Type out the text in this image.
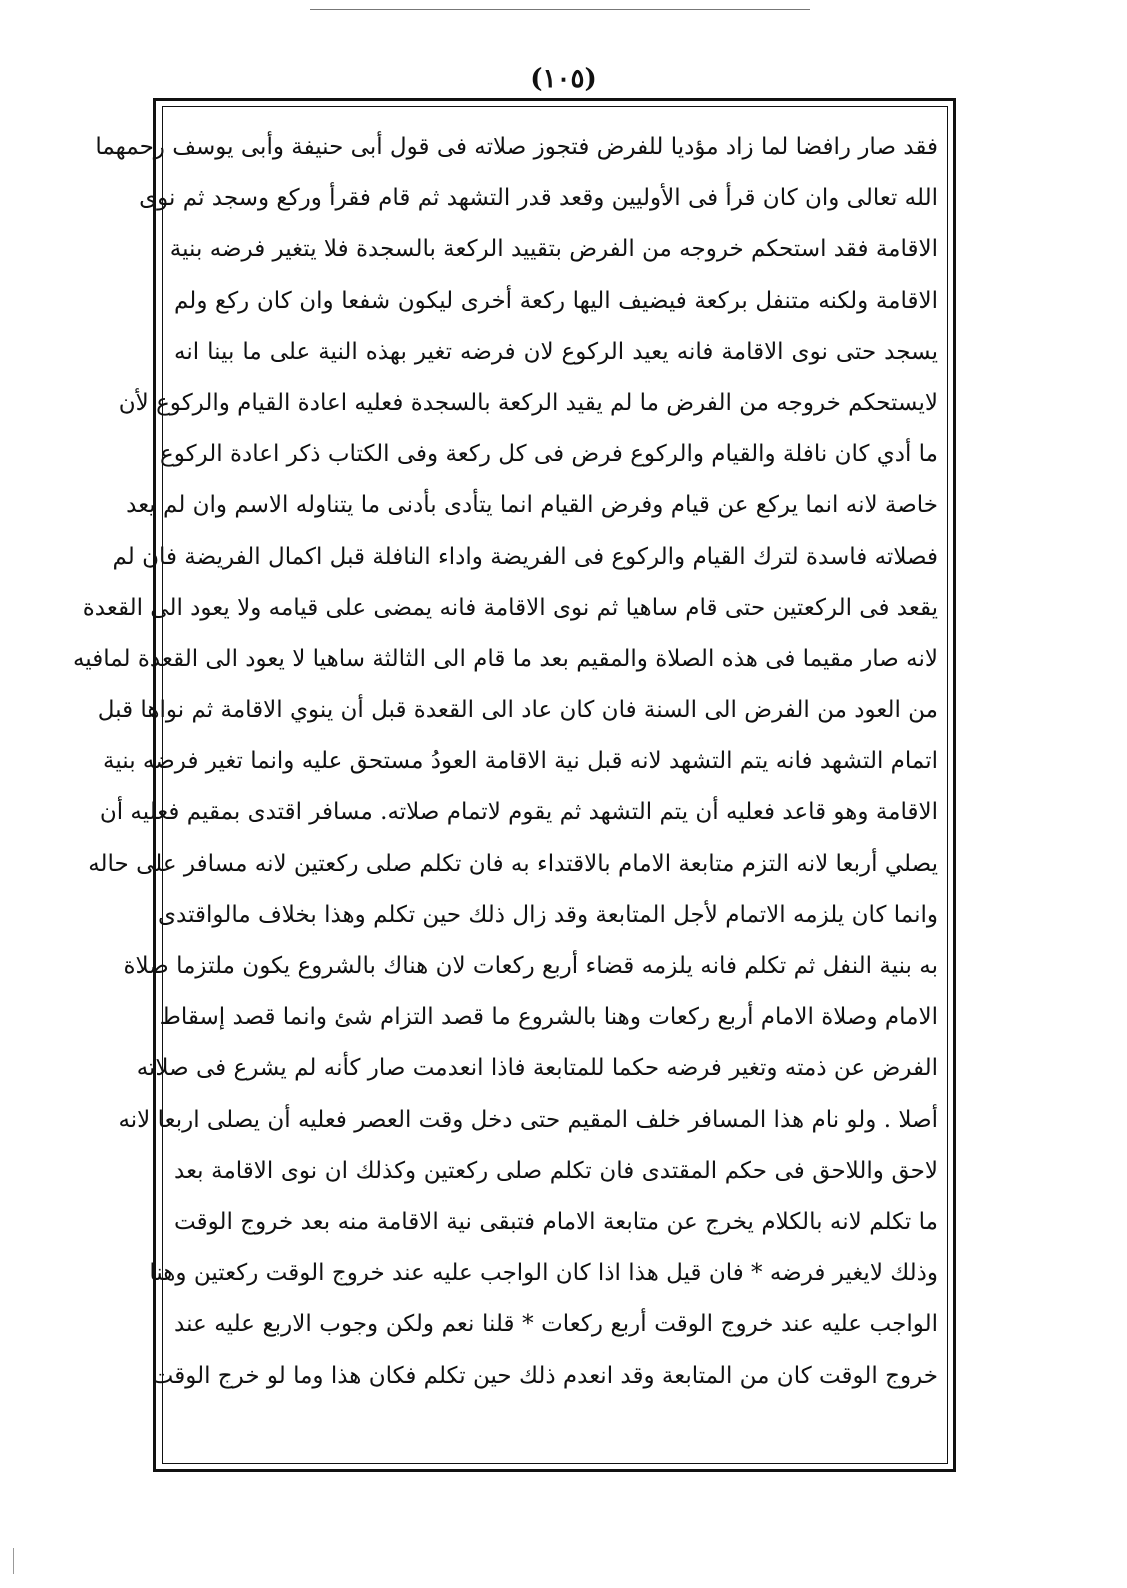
(١٠٥)
فقد صار رافضا لما زاد مؤديا للفرض فتجوز صلاته فى قول أبى حنيفة وأبى يوسف رحمهما
الله تعالى وان كان قرأ فى الأوليين وقعد قدر التشهد ثم قام فقرأ وركع وسجد ثم نوى
الاقامة فقد استحكم خروجه من الفرض بتقييد الركعة بالسجدة فلا يتغير فرضه بنية
الاقامة ولكنه متنفل بركعة فيضيف اليها ركعة أخرى ليكون شفعا وان كان ركع ولم
يسجد حتى نوى الاقامة فانه يعيد الركوع لان فرضه تغير بهذه النية على ما بينا انه
لايستحكم خروجه من الفرض ما لم يقيد الركعة بالسجدة فعليه اعادة القيام والركوع لأن
ما أدي كان نافلة والقيام والركوع فرض فى كل ركعة وفى الكتاب ذكر اعادة الركوع
خاصة لانه انما يركع عن قيام وفرض القيام انما يتأدى بأدنى ما يتناوله الاسم وان لم يعد
فصلاته فاسدة لترك القيام والركوع فى الفريضة واداء النافلة قبل اكمال الفريضة فان لم
يقعد فى الركعتين حتى قام ساهيا ثم نوى الاقامة فانه يمضى على قيامه ولا يعود الى القعدة
لانه صار مقيما فى هذه الصلاة والمقيم بعد ما قام الى الثالثة ساهيا لا يعود الى القعدة لمافيه
من العود من الفرض الى السنة فان كان عاد الى القعدة قبل أن ينوي الاقامة ثم نواها قبل
اتمام التشهد فانه يتم التشهد لانه قبل نية الاقامة العودُ مستحق عليه وانما تغير فرضه بنية
الاقامة وهو قاعد فعليه أن يتم التشهد ثم يقوم لاتمام صلاته. مسافر اقتدى بمقيم فعليه أن
يصلي أربعا لانه التزم متابعة الامام بالاقتداء به فان تكلم صلى ركعتين لانه مسافر على حاله
وانما كان يلزمه الاتمام لأجل المتابعة وقد زال ذلك حين تكلم وهذا بخلاف مالواقتدى
به بنية النفل ثم تكلم فانه يلزمه قضاء أربع ركعات لان هناك بالشروع يكون ملتزما صلاة
الامام وصلاة الامام أربع ركعات وهنا بالشروع ما قصد التزام شئ وانما قصد إسقاط
الفرض عن ذمته وتغير فرضه حكما للمتابعة فاذا انعدمت صار كأنه لم يشرع فى صلاته
أصلا . ولو نام هذا المسافر خلف المقيم حتى دخل وقت العصر فعليه أن يصلى اربعا لانه
لاحق واللاحق فى حكم المقتدى فان تكلم صلى ركعتين وكذلك ان نوى الاقامة بعد
ما تكلم لانه بالكلام يخرج عن متابعة الامام فتبقى نية الاقامة منه بعد خروج الوقت
وذلك لايغير فرضه * فان قيل هذا اذا كان الواجب عليه عند خروج الوقت ركعتين وهنا
الواجب عليه عند خروج الوقت أربع ركعات * قلنا نعم ولكن وجوب الاربع عليه عند
خروج الوقت كان من المتابعة وقد انعدم ذلك حين تكلم فكان هذا وما لو خرج الوقت
